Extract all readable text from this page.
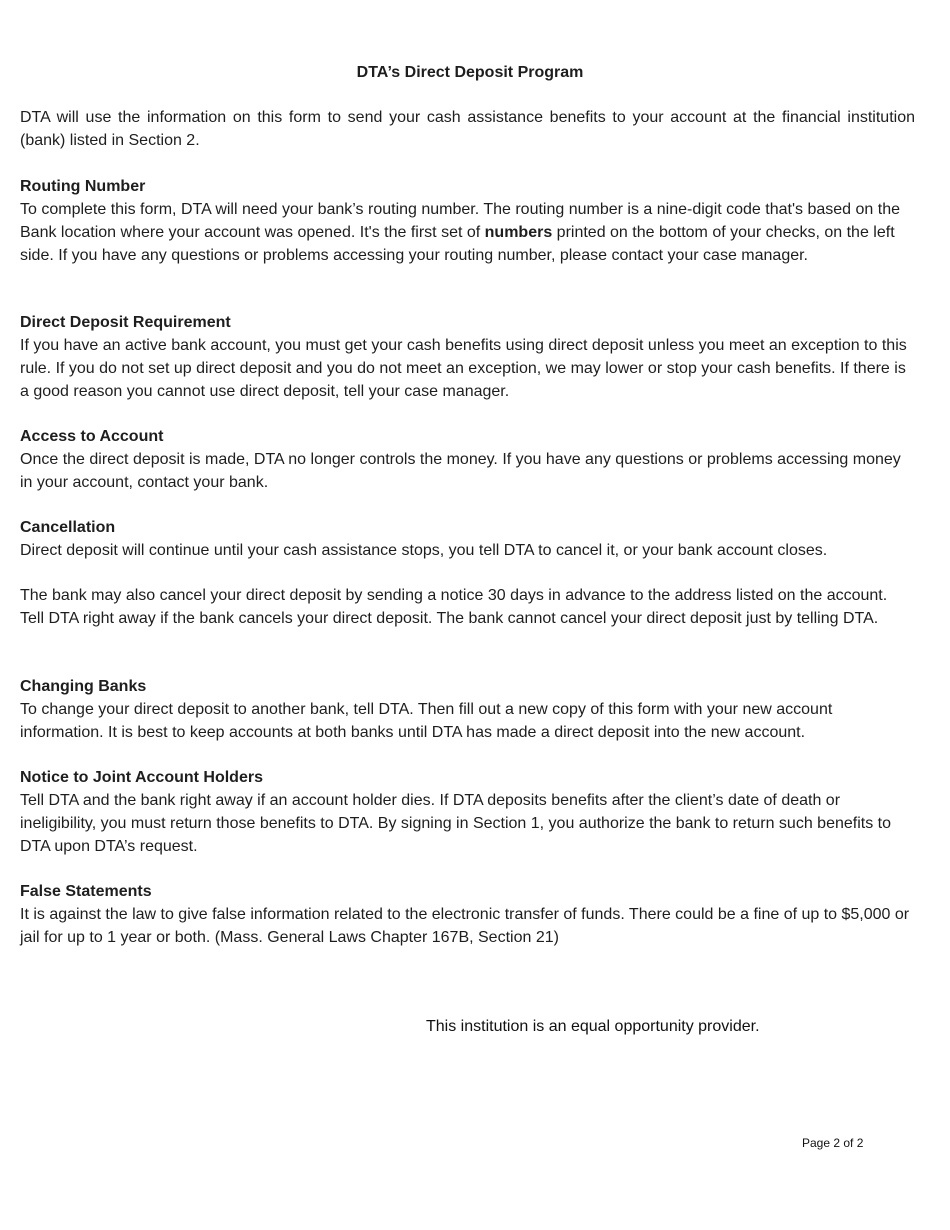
DTA’s Direct Deposit Program
DTA will use the information on this form to send your cash assistance benefits to your account at the financial institution (bank) listed in Section 2.
Routing Number
To complete this form, DTA will need your bank’s routing number. The routing number is a nine-digit code that's based on the Bank location where your account was opened. It's the first set of numbers printed on the bottom of your checks, on the left side. If you have any questions or problems accessing your routing number, please contact your case manager.
Direct Deposit Requirement
If you have an active bank account, you must get your cash benefits using direct deposit unless you meet an exception to this rule. If you do not set up direct deposit and you do not meet an exception, we may lower or stop your cash benefits. If there is a good reason you cannot use direct deposit, tell your case manager.
Access to Account
Once the direct deposit is made, DTA no longer controls the money. If you have any questions or problems accessing money in your account, contact your bank.
Cancellation
Direct deposit will continue until your cash assistance stops, you tell DTA to cancel it, or your bank account closes.
The bank may also cancel your direct deposit by sending a notice 30 days in advance to the address listed on the account. Tell DTA right away if the bank cancels your direct deposit. The bank cannot cancel your direct deposit just by telling DTA.
Changing Banks
To change your direct deposit to another bank, tell DTA. Then fill out a new copy of this form with your new account information. It is best to keep accounts at both banks until DTA has made a direct deposit into the new account.
Notice to Joint Account Holders
Tell DTA and the bank right away if an account holder dies. If DTA deposits benefits after the client’s date of death or ineligibility, you must return those benefits to DTA. By signing in Section 1, you authorize the bank to return such benefits to DTA upon DTA’s request.
False Statements
It is against the law to give false information related to the electronic transfer of funds. There could be a fine of up to $5,000 or jail for up to 1 year or both. (Mass. General Laws Chapter 167B, Section 21)
This institution is an equal opportunity provider.
Page 2 of 2
